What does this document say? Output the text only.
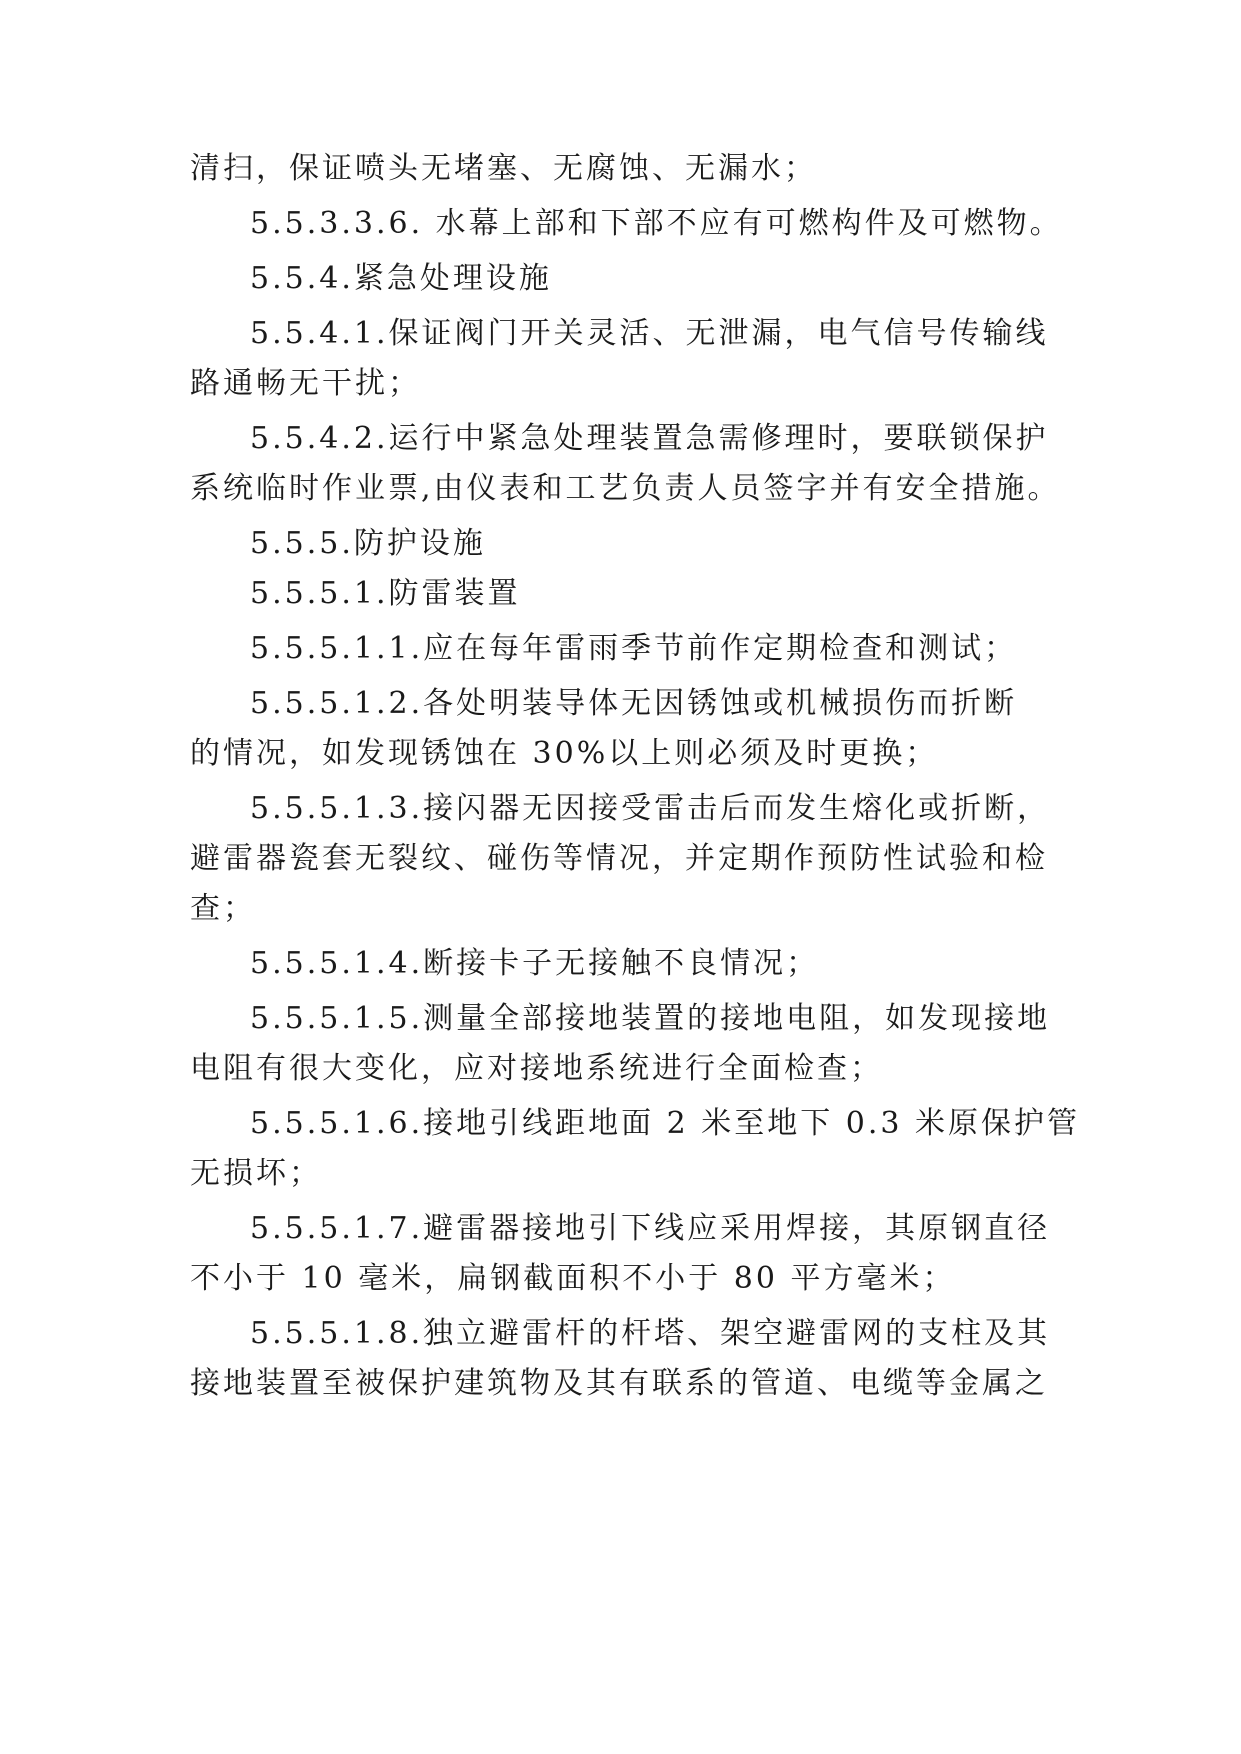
清扫，保证喷头无堵塞、无腐蚀、无漏水；
5.5.3.3.6. 水幕上部和下部不应有可燃构件及可燃物。
5.5.4.紧急处理设施
5.5.4.1.保证阀门开关灵活、无泄漏，电气信号传输线
路通畅无干扰；
5.5.4.2.运行中紧急处理装置急需修理时，要联锁保护
系统临时作业票,由仪表和工艺负责人员签字并有安全措施。
5.5.5.防护设施
5.5.5.1.防雷装置
5.5.5.1.1.应在每年雷雨季节前作定期检查和测试；
5.5.5.1.2.各处明装导体无因锈蚀或机械损伤而折断
的情况，如发现锈蚀在 30%以上则必须及时更换；
5.5.5.1.3.接闪器无因接受雷击后而发生熔化或折断，
避雷器瓷套无裂纹、碰伤等情况，并定期作预防性试验和检
查；
5.5.5.1.4.断接卡子无接触不良情况；
5.5.5.1.5.测量全部接地装置的接地电阻，如发现接地
电阻有很大变化，应对接地系统进行全面检查；
5.5.5.1.6.接地引线距地面 2 米至地下 0.3 米原保护管
无损坏；
5.5.5.1.7.避雷器接地引下线应采用焊接，其原钢直径
不小于 10 毫米，扁钢截面积不小于 80 平方毫米；
5.5.5.1.8.独立避雷杆的杆塔、架空避雷网的支柱及其
接地装置至被保护建筑物及其有联系的管道、电缆等金属之
